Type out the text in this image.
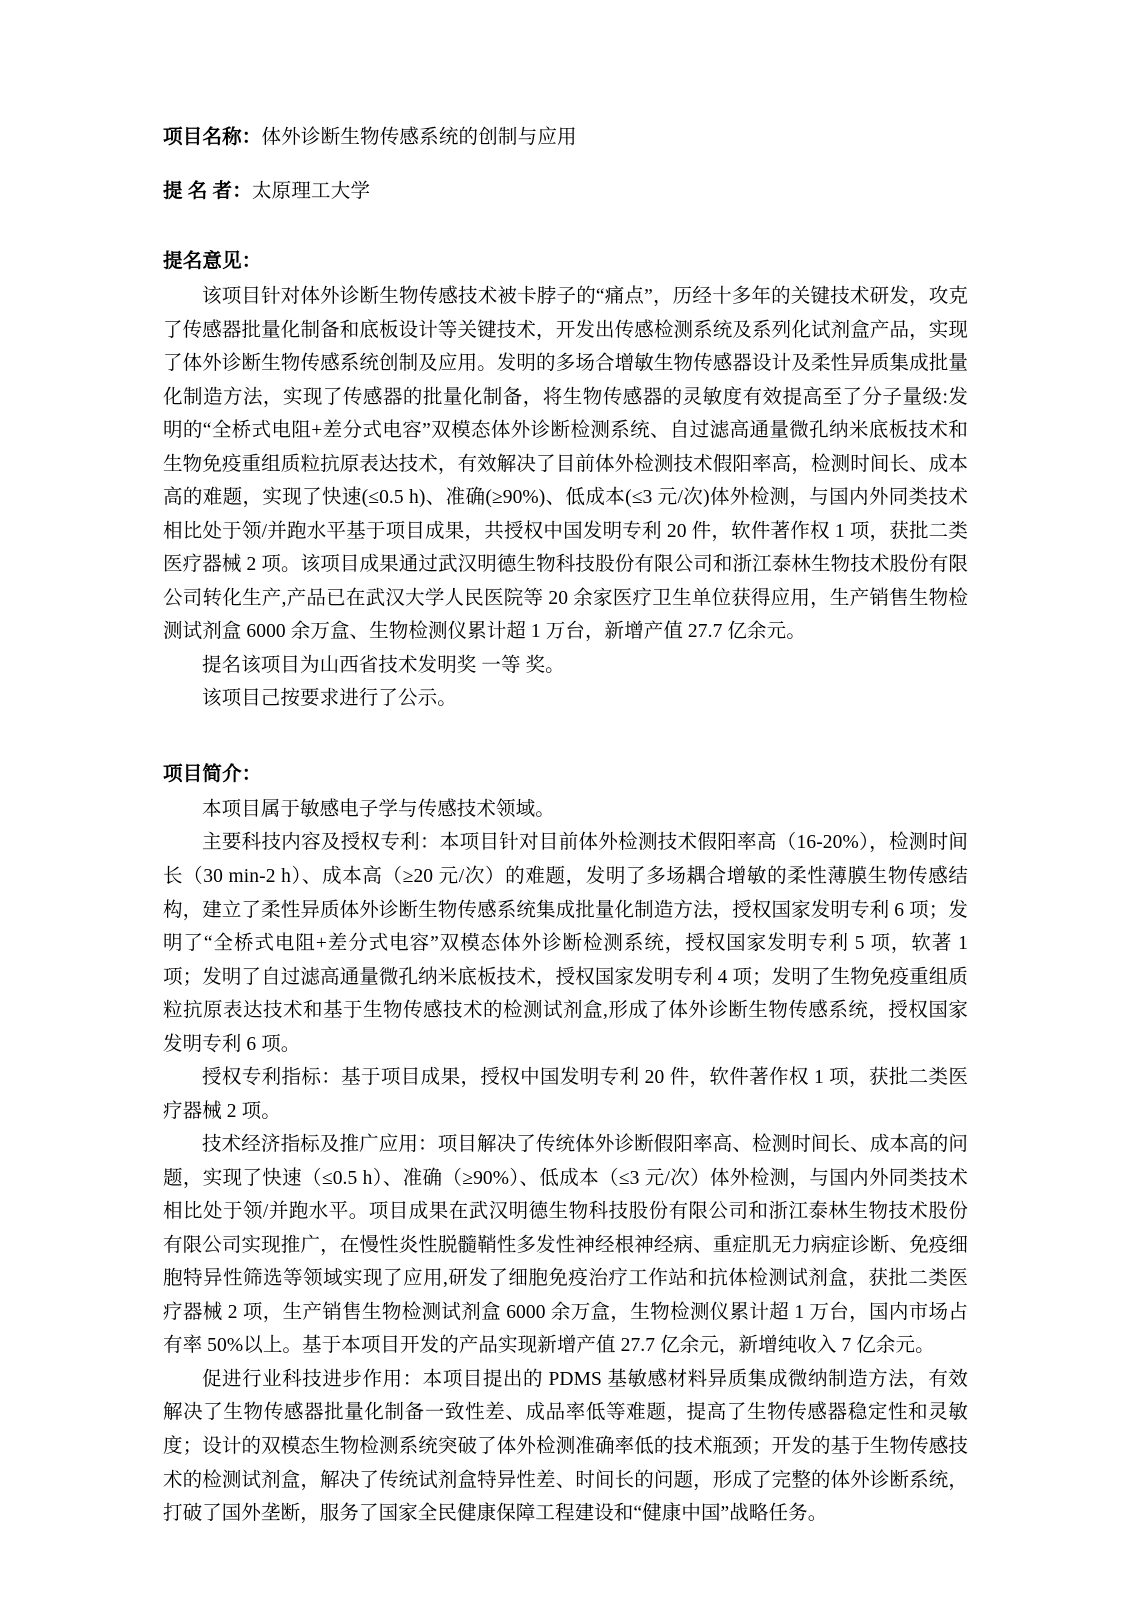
项目名称： 体外诊断生物传感系统的创制与应用
提 名 者： 太原理工大学
提名意见：

该项目针对体外诊断生物传感技术被卡脖子的“痛点”，历经十多年的关键技术研发，攻克了传感器批量化制备和底板设计等关键技术，开发出传感检测系统及系列化试剂盒产品，实现了体外诊断生物传感系统创制及应用。发明的多场合增敏生物传感器设计及柔性异质集成批量化制造方法，实现了传感器的批量化制备，将生物传感器的灵敏度有效提高至了分子量级:发明的“全桥式电阻+差分式电容”双模态体外诊断检测系统、自过滤高通量微孔纳米底板技术和生物免疫重组质粒抗原表达技术，有效解决了目前体外检测技术假阳率高，检测时间长、成本高的难题，实现了快速(≤0.5 h)、准确(≥90%)、低成本(≤3 元/次)体外检测，与国内外同类技术相比处于领/并跑水平基于项目成果，共授权中国发明专利 20 件，软件著作权 1 项，获批二类医疗器械 2 项。该项目成果通过武汉明德生物科技股份有限公司和浙江泰林生物技术股份有限公司转化生产,产品已在武汉大学人民医院等 20 余家医疗卫生单位获得应用，生产销售生物检测试剂盒 6000 余万盒、生物检测仪累计超 1 万台，新增产值 27.7 亿余元。

提名该项目为山西省技术发明奖 一等 奖。

该项目己按要求进行了公示。

项目简介：

本项目属于敏感电子学与传感技术领域。

主要科技内容及授权专利：本项目针对目前体外检测技术假阳率高（16-20%），检测时间长（30 min-2 h）、成本高（≥20 元/次）的难题，发明了多场耦合增敏的柔性薄膜生物传感结构，建立了柔性异质体外诊断生物传感系统集成批量化制造方法，授权国家发明专利 6 项；发明了“全桥式电阻+差分式电容”双模态体外诊断检测系统，授权国家发明专利 5 项，软著 1 项；发明了自过滤高通量微孔纳米底板技术，授权国家发明专利 4 项；发明了生物免疫重组质粒抗原表达技术和基于生物传感技术的检测试剂盒,形成了体外诊断生物传感系统，授权国家发明专利 6 项。

授权专利指标：基于项目成果，授权中国发明专利 20 件，软件著作权 1 项，获批二类医疗器械 2 项。

技术经济指标及推广应用：项目解决了传统体外诊断假阳率高、检测时间长、成本高的问题，实现了快速（≤0.5 h）、准确（≥90%）、低成本（≤3 元/次）体外检测，与国内外同类技术相比处于领/并跑水平。项目成果在武汉明德生物科技股份有限公司和浙江泰林生物技术股份有限公司实现推广，在慢性炎性脱髓鞘性多发性神经根神经病、重症肌无力病症诊断、免疫细胞特异性筛选等领域实现了应用,研发了细胞免疫治疗工作站和抗体检测试剂盒，获批二类医疗器械 2 项，生产销售生物检测试剂盒 6000 余万盒，生物检测仪累计超 1 万台，国内市场占有率 50%以上。基于本项目开发的产品实现新增产值 27.7 亿余元，新增纯收入 7 亿余元。

促进行业科技进步作用：本项目提出的 PDMS 基敏感材料异质集成微纳制造方法，有效解决了生物传感器批量化制备一致性差、成品率低等难题，提高了生物传感器稳定性和灵敏度；设计的双模态生物检测系统突破了体外检测准确率低的技术瓶颈；开发的基于生物传感技术的检测试剂盒，解决了传统试剂盒特异性差、时间长的问题，形成了完整的体外诊断系统，打破了国外垄断，服务了国家全民健康保障工程建设和“健康中国”战略任务。
